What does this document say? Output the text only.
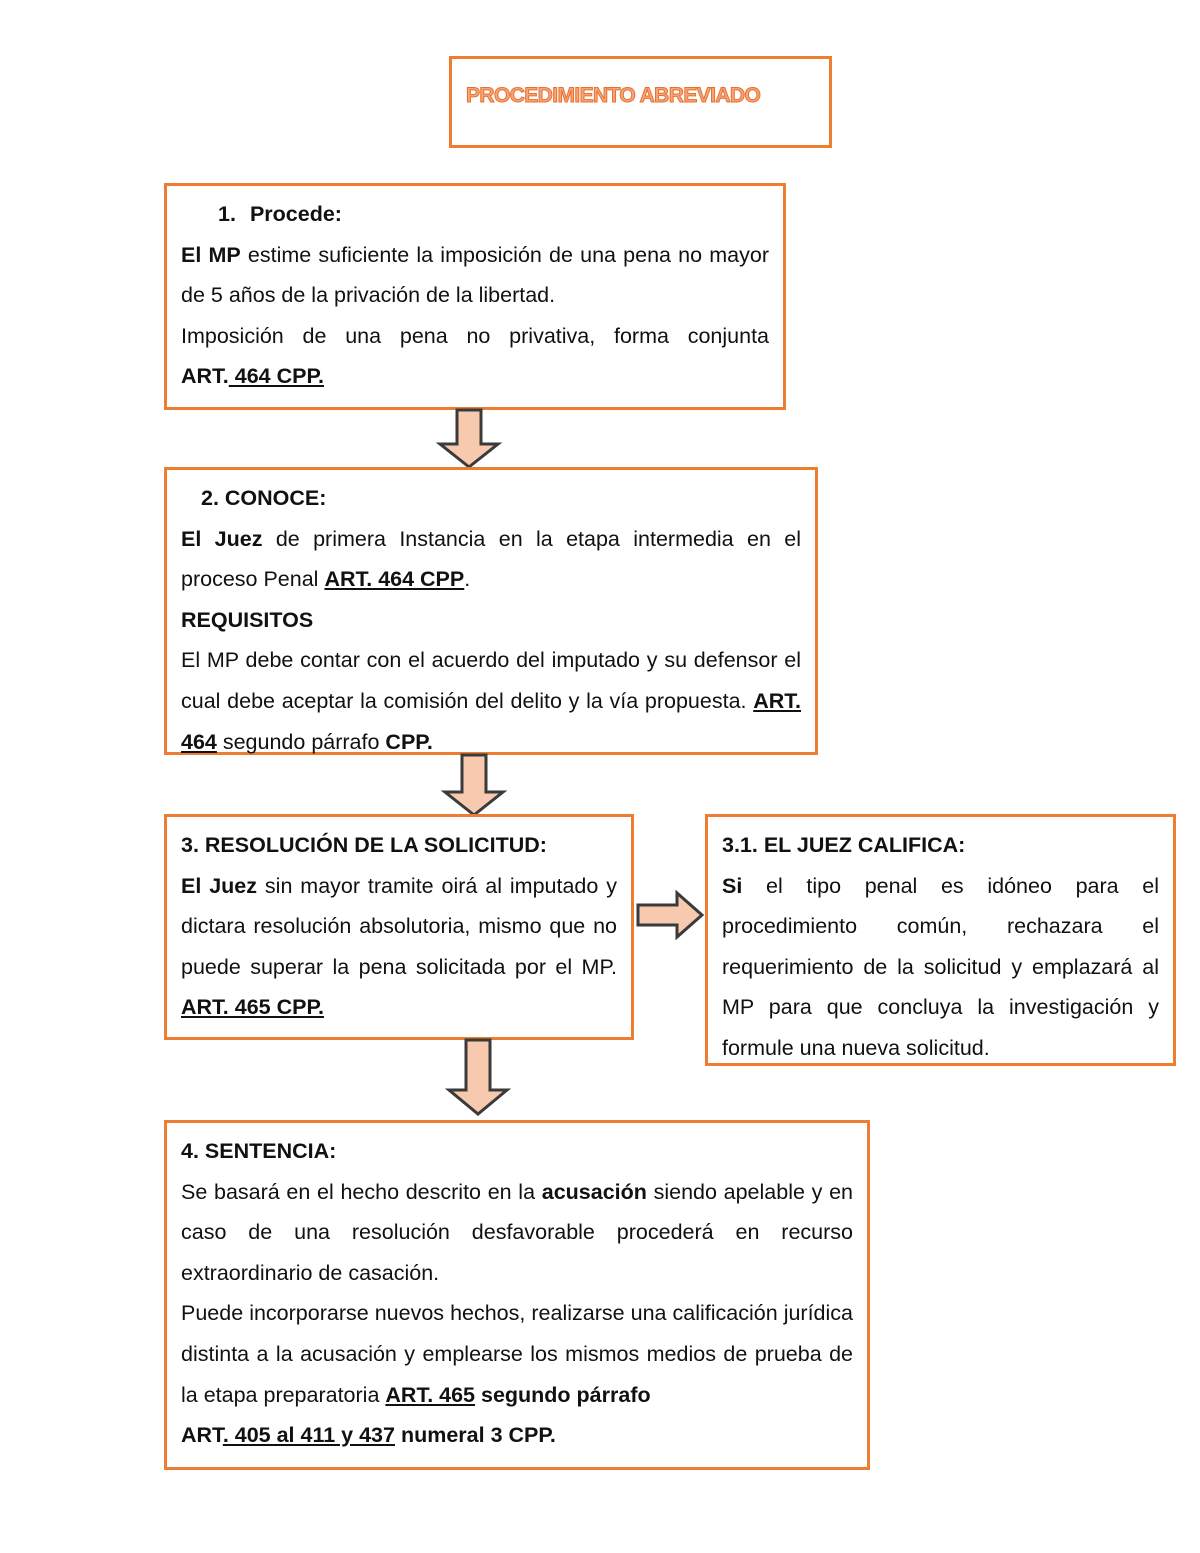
PROCEDIMIENTO ABREVIADO

1. Procede:

El MP estime suficiente la imposición de una pena no mayor de 5 años de la privación de la libertad.

Imposición de una pena no privativa, forma conjunta

ART. 464 CPP.

2. CONOCE:

El Juez de primera Instancia en la etapa intermedia en el proceso Penal ART. 464 CPP.

REQUISITOS

El MP debe contar con el acuerdo del imputado y su defensor el cual debe aceptar la comisión del delito y la vía propuesta. ART. 464 segundo párrafo CPP.

3. RESOLUCIÓN DE LA SOLICITUD:

El Juez sin mayor tramite oirá al imputado y dictara resolución absolutoria, mismo que no puede superar la pena solicitada por el MP. ART. 465 CPP.

3.1. EL JUEZ CALIFICA:

Si el tipo penal es idóneo para el procedimiento común, rechazara el requerimiento de la solicitud y emplazará al MP para que concluya la investigación y formule una nueva solicitud.

4. SENTENCIA:

Se basará en el hecho descrito en la acusación siendo apelable y en caso de una resolución desfavorable procederá en recurso extraordinario de casación.

Puede incorporarse nuevos hechos, realizarse una calificación jurídica distinta a la acusación y emplearse los mismos medios de prueba de la etapa preparatoria ART. 465 segundo párrafo

ART. 405 al 411 y 437 numeral 3 CPP.
